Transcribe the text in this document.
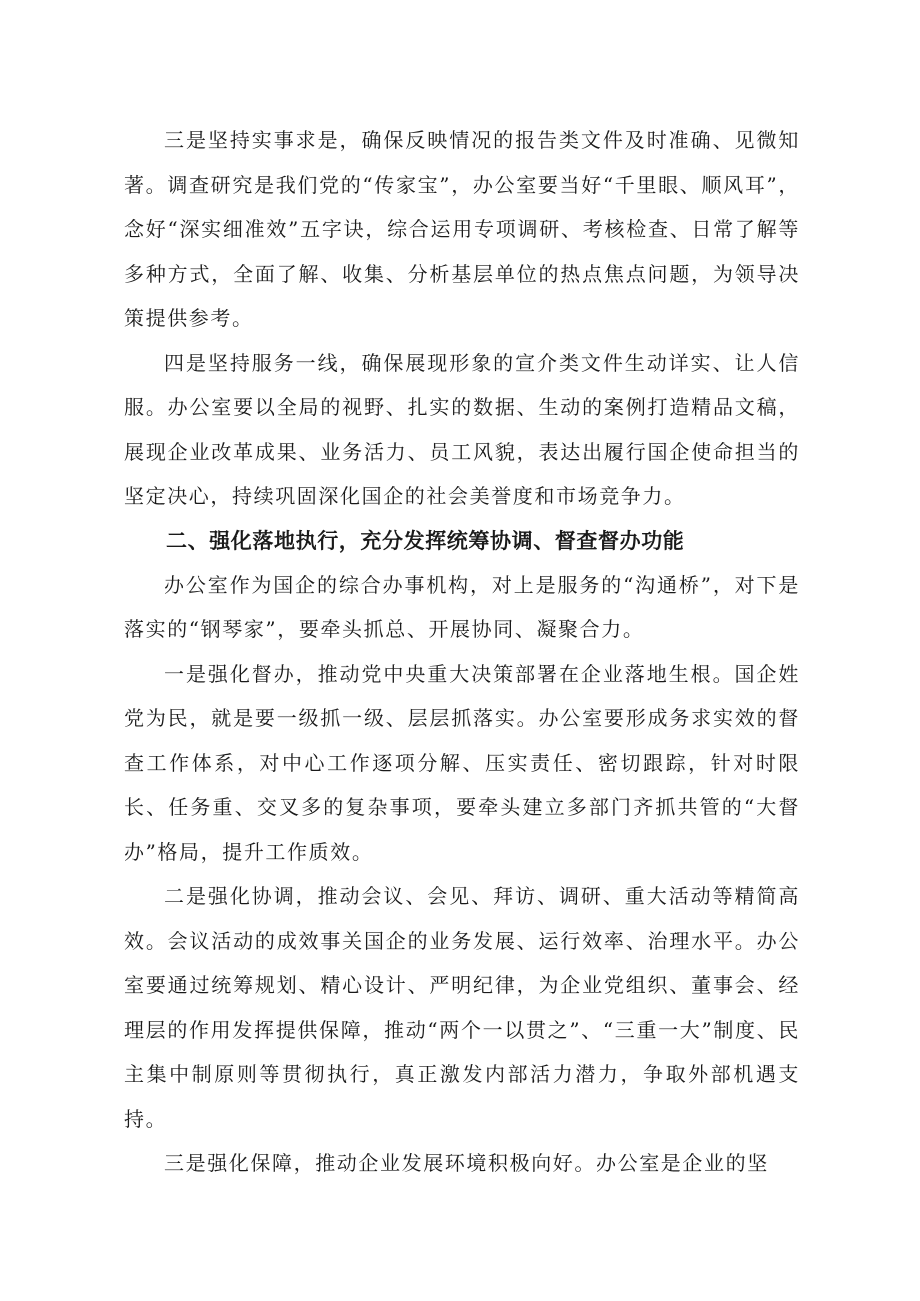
三是坚持实事求是，确保反映情况的报告类文件及时准确、见微知著。调查研究是我们党的“传家宝”，办公室要当好“千里眼、顺风耳”，念好“深实细准效”五字诀，综合运用专项调研、考核检查、日常了解等多种方式，全面了解、收集、分析基层单位的热点焦点问题，为领导决策提供参考。

四是坚持服务一线，确保展现形象的宣介类文件生动详实、让人信服。办公室要以全局的视野、扎实的数据、生动的案例打造精品文稿，展现企业改革成果、业务活力、员工风貌，表达出履行国企使命担当的坚定决心，持续巩固深化国企的社会美誉度和市场竞争力。

二、强化落地执行，充分发挥统筹协调、督查督办功能

办公室作为国企的综合办事机构，对上是服务的“沟通桥”，对下是落实的“钢琴家”，要牵头抓总、开展协同、凝聚合力。

一是强化督办，推动党中央重大决策部署在企业落地生根。国企姓党为民，就是要一级抓一级、层层抓落实。办公室要形成务求实效的督查工作体系，对中心工作逐项分解、压实责任、密切跟踪，针对时限长、任务重、交叉多的复杂事项，要牵头建立多部门齐抓共管的“大督办”格局，提升工作质效。

二是强化协调，推动会议、会见、拜访、调研、重大活动等精简高效。会议活动的成效事关国企的业务发展、运行效率、治理水平。办公室要通过统筹规划、精心设计、严明纪律，为企业党组织、董事会、经理层的作用发挥提供保障，推动“两个一以贯之”、“三重一大”制度、民主集中制原则等贯彻执行，真正激发内部活力潜力，争取外部机遇支持。

三是强化保障，推动企业发展环境积极向好。办公室是企业的坚
